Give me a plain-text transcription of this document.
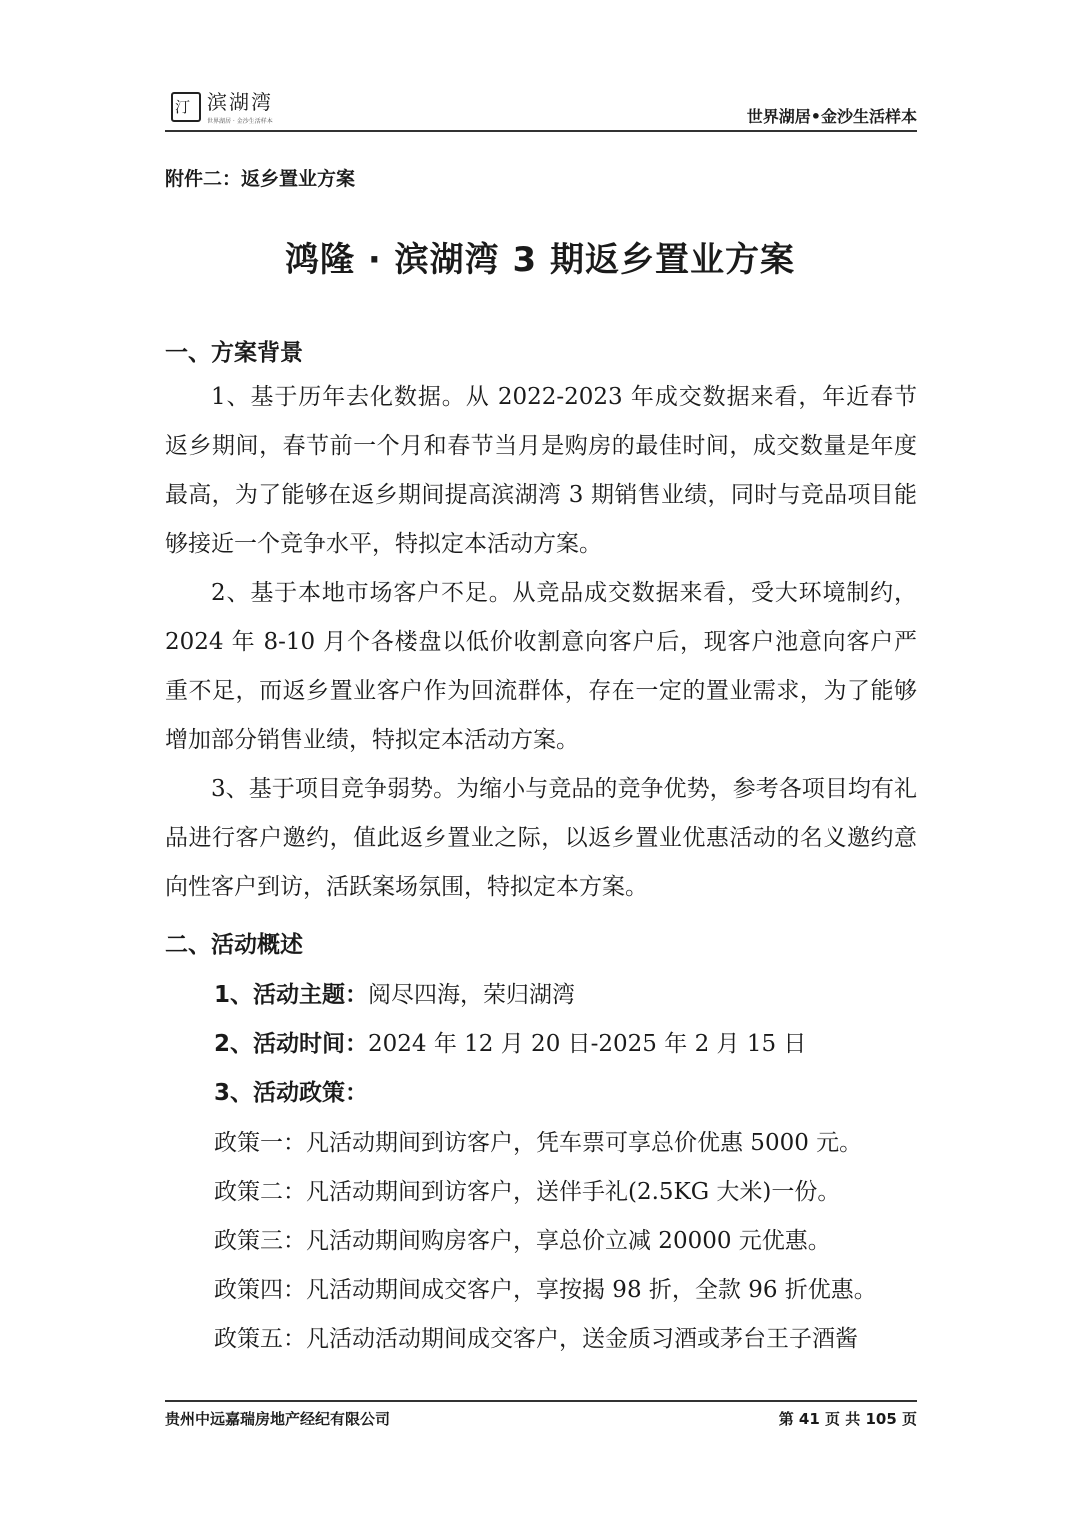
汀 滨湖湾
世界湖居 · 金沙生活样本	世界湖居•金沙生活样本
附件二：返乡置业方案
鸿隆 · 滨湖湾 3 期返乡置业方案
一、方案背景

1、基于历年去化数据。从 2022-2023 年成交数据来看，年近春节返乡期间，春节前一个月和春节当月是购房的最佳时间，成交数量是年度最高，为了能够在返乡期间提高滨湖湾 3 期销售业绩，同时与竞品项目能够接近一个竞争水平，特拟定本活动方案。

2、基于本地市场客户不足。从竞品成交数据来看，受大环境制约，2024 年 8-10 月个各楼盘以低价收割意向客户后，现客户池意向客户严重不足，而返乡置业客户作为回流群体，存在一定的置业需求，为了能够增加部分销售业绩，特拟定本活动方案。

3、基于项目竞争弱势。为缩小与竞品的竞争优势，参考各项目均有礼品进行客户邀约，值此返乡置业之际，以返乡置业优惠活动的名义邀约意向性客户到访，活跃案场氛围，特拟定本方案。

二、活动概述
1、活动主题：阅尽四海，荣归湖湾
2、活动时间：2024 年 12 月 20 日-2025 年 2 月 15 日
3、活动政策：
政策一：凡活动期间到访客户，凭车票可享总价优惠 5000 元。
政策二：凡活动期间到访客户，送伴手礼(2.5KG 大米)一份。
政策三：凡活动期间购房客户，享总价立减 20000 元优惠。
政策四：凡活动期间成交客户，享按揭 98 折，全款 96 折优惠。
政策五：凡活动活动期间成交客户，送金质习酒或茅台王子酒酱
贵州中远嘉瑞房地产经纪有限公司	第 41 页 共 105 页
